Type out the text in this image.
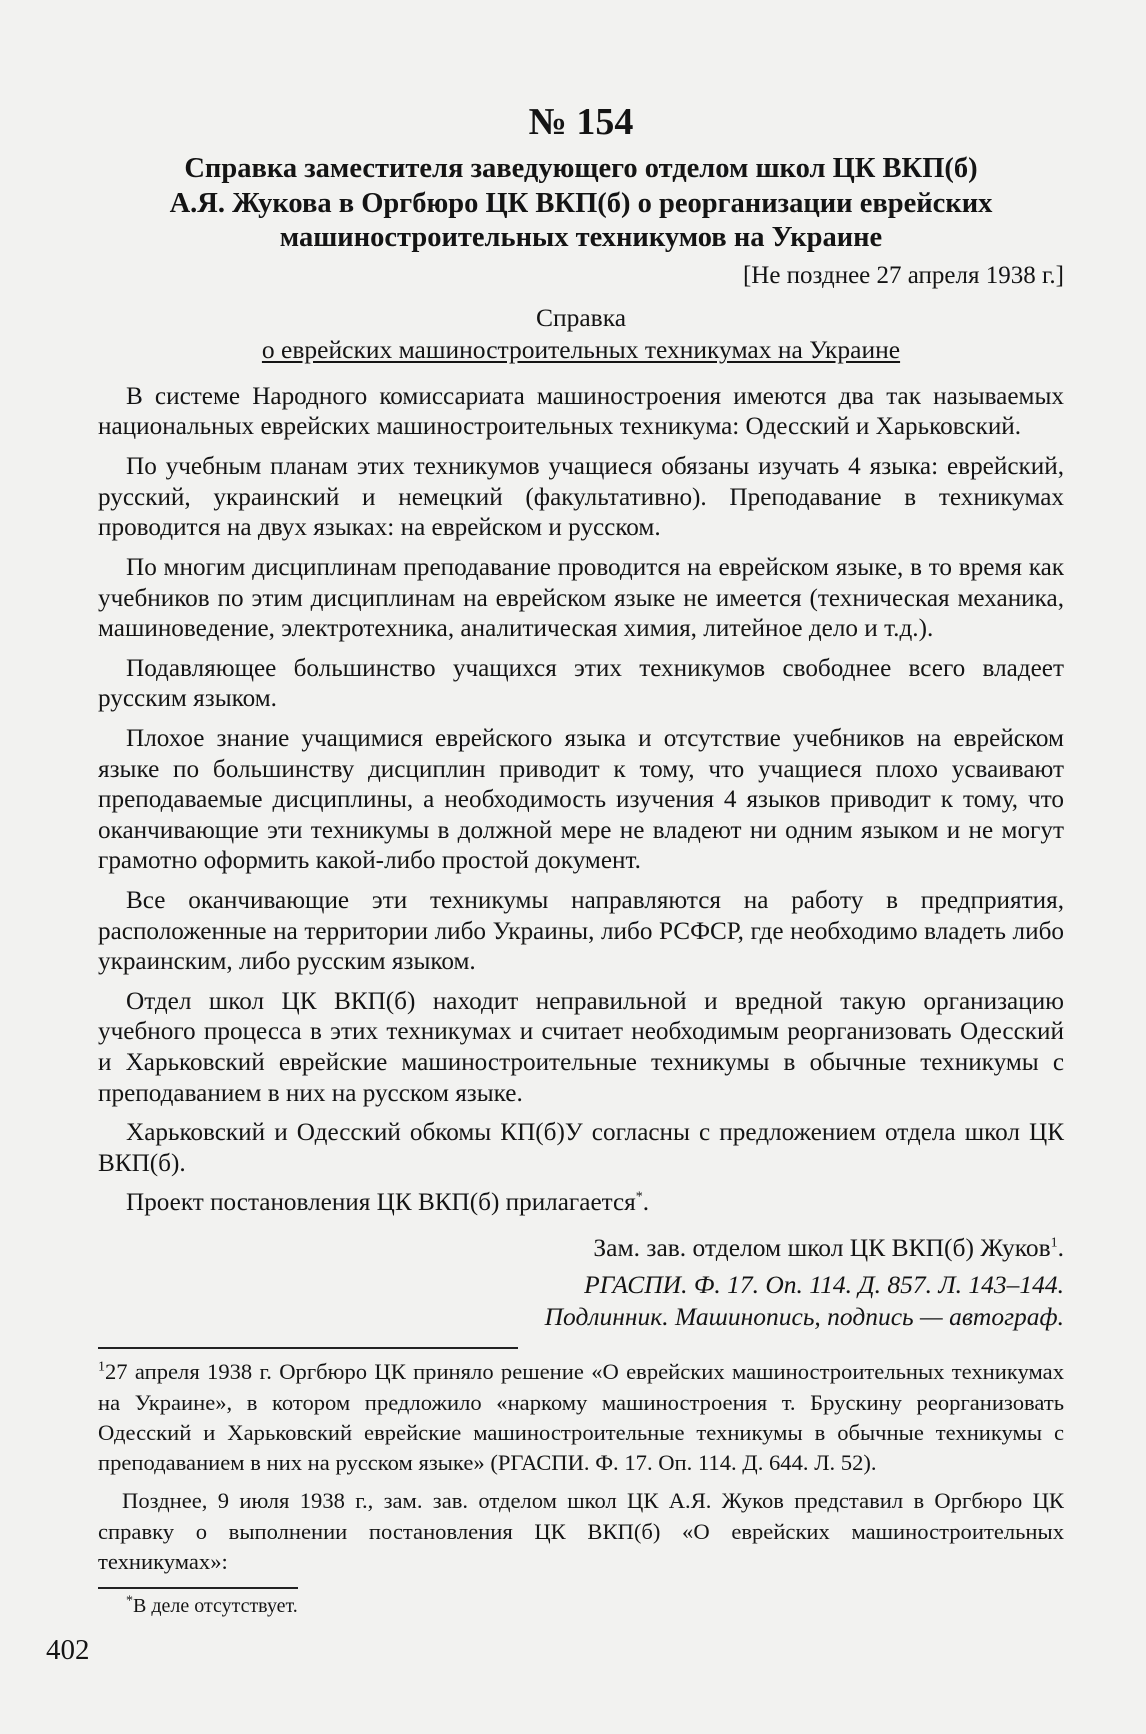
№ 154
Справка заместителя заведующего отделом школ ЦК ВКП(б)
А.Я. Жукова в Оргбюро ЦК ВКП(б) о реорганизации еврейских
машиностроительных техникумов на Украине
[Не позднее 27 апреля 1938 г.]
Справка
о еврейских машиностроительных техникумах на Украине

В системе Народного комиссариата машиностроения имеются два так называемых национальных еврейских машиностроительных техникума: Одесский и Харьковский.

По учебным планам этих техникумов учащиеся обязаны изучать 4 языка: еврейский, русский, украинский и немецкий (факультативно). Преподавание в техникумах проводится на двух языках: на еврейском и русском.

По многим дисциплинам преподавание проводится на еврейском языке, в то время как учебников по этим дисциплинам на еврейском языке не имеется (техническая механика, машиноведение, электротехника, аналитическая химия, литейное дело и т.д.).

Подавляющее большинство учащихся этих техникумов свободнее всего владеет русским языком.

Плохое знание учащимися еврейского языка и отсутствие учебников на еврейском языке по большинству дисциплин приводит к тому, что учащиеся плохо усваивают преподаваемые дисциплины, а необходимость изучения 4 языков приводит к тому, что оканчивающие эти техникумы в должной мере не владеют ни одним языком и не могут грамотно оформить какой-либо простой документ.

Все оканчивающие эти техникумы направляются на работу в предприятия, расположенные на территории либо Украины, либо РСФСР, где необходимо владеть либо украинским, либо русским языком.

Отдел школ ЦК ВКП(б) находит неправильной и вредной такую организацию учебного процесса в этих техникумах и считает необходимым реорганизовать Одесский и Харьковский еврейские машиностроительные техникумы в обычные техникумы с преподаванием в них на русском языке.

Харьковский и Одесский обкомы КП(б)У согласны с предложением отдела школ ЦК ВКП(б).

Проект постановления ЦК ВКП(б) прилагается*.

Зам. зав. отделом школ ЦК ВКП(б) Жуков$^1$.
РГАСПИ. Ф. 17. Оп. 114. Д. 857. Л. 143–144.
Подлинник. Машинопись, подпись — автограф.

$^1$27 апреля 1938 г. Оргбюро ЦК приняло решение «О еврейских машиностроительных техникумах на Украине», в котором предложило «наркому машиностроения т. Брускину реорганизовать Одесский и Харьковский еврейские машиностроительные техникумы в обычные техникумы с преподаванием в них на русском языке» (РГАСПИ. Ф. 17. Оп. 114. Д. 644. Л. 52).

Позднее, 9 июля 1938 г., зам. зав. отделом школ ЦК А.Я. Жуков представил в Оргбюро ЦК справку о выполнении постановления ЦК ВКП(б) «О еврейских машиностроительных техникумах»:

*В деле отсутствует.
402
